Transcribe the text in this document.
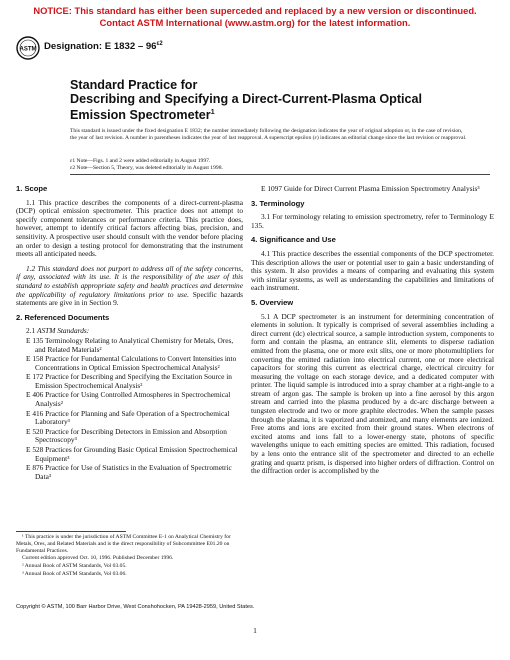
NOTICE: This standard has either been superceded and replaced by a new version or discontinued.
Contact ASTM International (www.astm.org) for the latest information.
ASTM Designation: E $1832 - 96^{\varepsilon 2}$
Standard Practice for
Describing and Specifying a Direct-Current-Plasma Optical
Emission Spectrometer$^1$
This standard is issued under the fixed designation E 1832; the number immediately following the designation indicates the year of original adoption or, in the case of revision, the year of last revision. A number in parentheses indicates the year of last reapproval. A superscript epsilon (ε) indicates an editorial change since the last revision or reapproval.
ε1 Note—Figs. 1 and 2 were added editorially in August 1997.
ε2 Note—Section 5, Theory, was deleted editorially in August 1998.
1. Scope
1.1 This practice describes the components of a direct-current-plasma (DCP) optical emission spectrometer. This practice does not attempt to specify component tolerances or performance criteria. This practice does, however, attempt to identify critical factors affecting bias, precision, and sensitivity. A prospective user should consult with the vendor before placing an order to design a testing protocol for demonstrating that the instrument meets all anticipated needs.
1.2 This standard does not purport to address all of the safety concerns, if any, associated with its use. It is the responsibility of the user of this standard to establish appropriate safety and health practices and determine the applicability of regulatory limitations prior to use. Specific hazards statements are give in in Section 9.
2. Referenced Documents
2.1 ASTM Standards:
E 135 Terminology Relating to Analytical Chemistry for Metals, Ores, and Related Materials²
E 158 Practice for Fundamental Calculations to Convert Intensities into Concentrations in Optical Emission Spectrochemical Analysis²
E 172 Practice for Describing and Specifying the Excitation Source in Emission Spectrochemical Analysis²
E 406 Practice for Using Controlled Atmospheres in Spectrochemical Analysis²
E 416 Practice for Planning and Safe Operation of a Spectrochemical Laboratory³
E 520 Practice for Describing Detectors in Emission and Absorption Spectroscopy³
E 528 Practices for Grounding Basic Optical Emission Spectrochemical Equipment³
E 876 Practice for Use of Statistics in the Evaluation of Spectrometric Data³
¹ This practice is under the jurisdiction of ASTM Committee E-1 on Analytical Chemistry for Metals, Ores, and Related Materials and is the direct responsibility of Subcommittee E01.20 on Fundamental Practices.
Current edition approved Oct. 10, 1996. Published December 1996.
² Annual Book of ASTM Standards, Vol 03.05.
³ Annual Book of ASTM Standards, Vol 03.06.
E 1097 Guide for Direct Current Plasma Emission Spectrometry Analysis³
3. Terminology
3.1 For terminology relating to emission spectrometry, refer to Terminology E 135.
4. Significance and Use
4.1 This practice describes the essential components of the DCP spectrometer. This description allows the user or potential user to gain a basic understanding of this system. It also provides a means of comparing and evaluating this system with similar systems, as well as understanding the capabilities and limitations of each instrument.
5. Overview
5.1 A DCP spectrometer is an instrument for determining concentration of elements in solution. It typically is comprised of several assemblies including a direct current (dc) electrical source, a sample introduction system, components to form and contain the plasma, an entrance slit, elements to disperse radiation emitted from the plasma, one or more exit slits, one or more photomultipliers for converting the emitted radiation into electrical current, one or more electrical capacitors for storing this current as electrical charge, electrical circuitry for measuring the voltage on each storage device, and a dedicated computer with printer. The liquid sample is introduced into a spray chamber at a right-angle to a stream of argon gas. The sample is broken up into a fine aerosol by this argon stream and carried into the plasma produced by a dc-arc discharge between a tungsten electrode and two or more graphite electrodes. When the sample passes through the plasma, it is vaporized and atomized, and many elements are ionized. Free atoms and ions are excited from their ground states. When electrons of excited atoms and ions fall to a lower-energy state, photons of specific wavelengths unique to each emitting species are emitted. This radiation, focused by a lens onto the entrance slit of the spectrometer and directed to an echelle grating and quartz prism, is dispersed into higher orders of diffraction. Control on the diffraction order is accomplished by the
Copyright © ASTM, 100 Barr Harbor Drive, West Conshohocken, PA 19428-2959, United States.
1
